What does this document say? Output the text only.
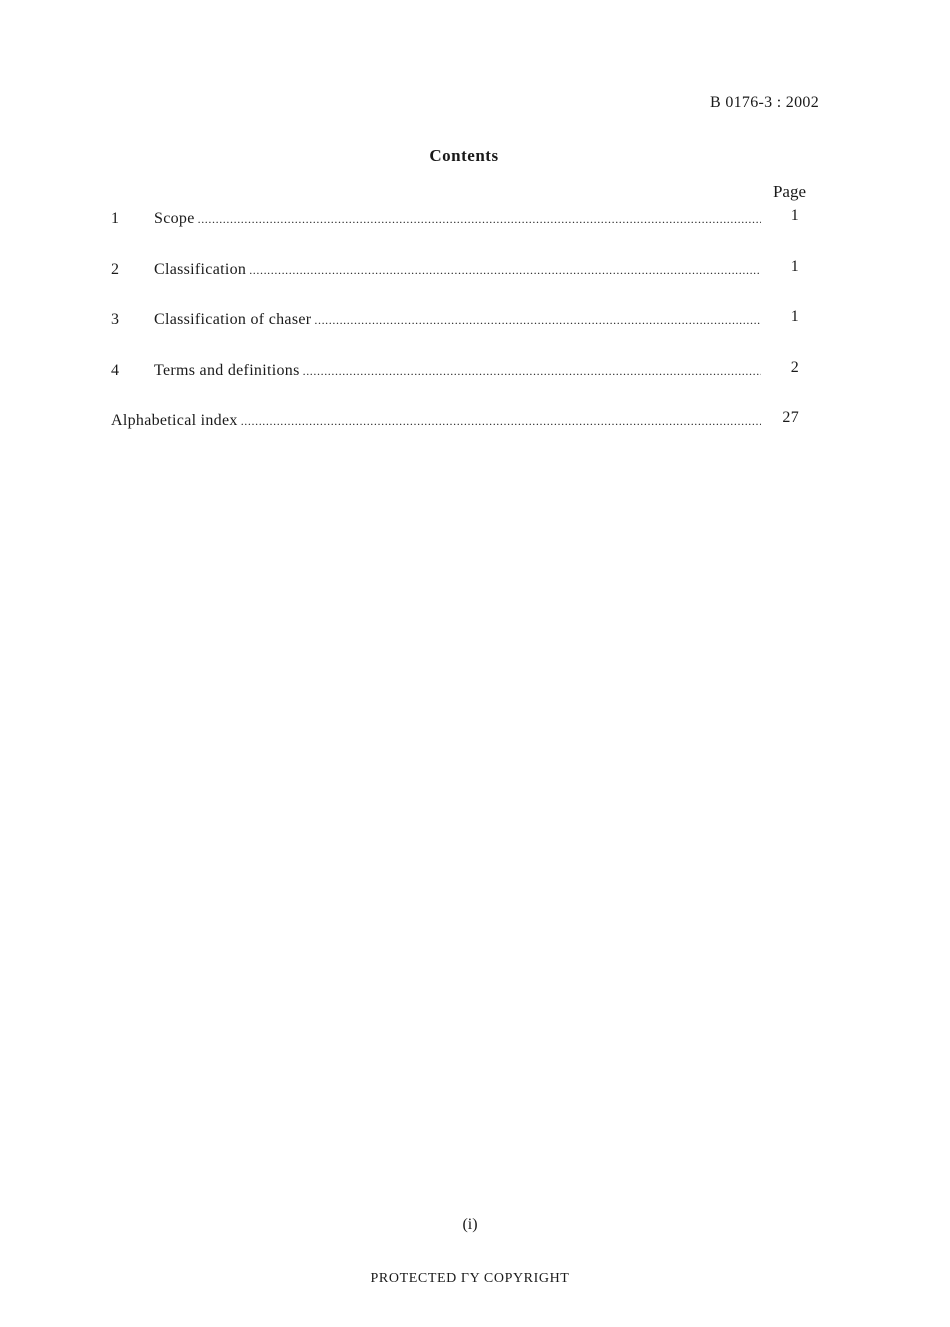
B 0176-3 : 2002
Contents
Page
1	Scope .....	1
2	Classification .....	1
3	Classification of chaser .....	1
4	Terms and definitions .....	2
Alphabetical index .....	27
(i)
PROTECTED ΓY COPYRIGHT
